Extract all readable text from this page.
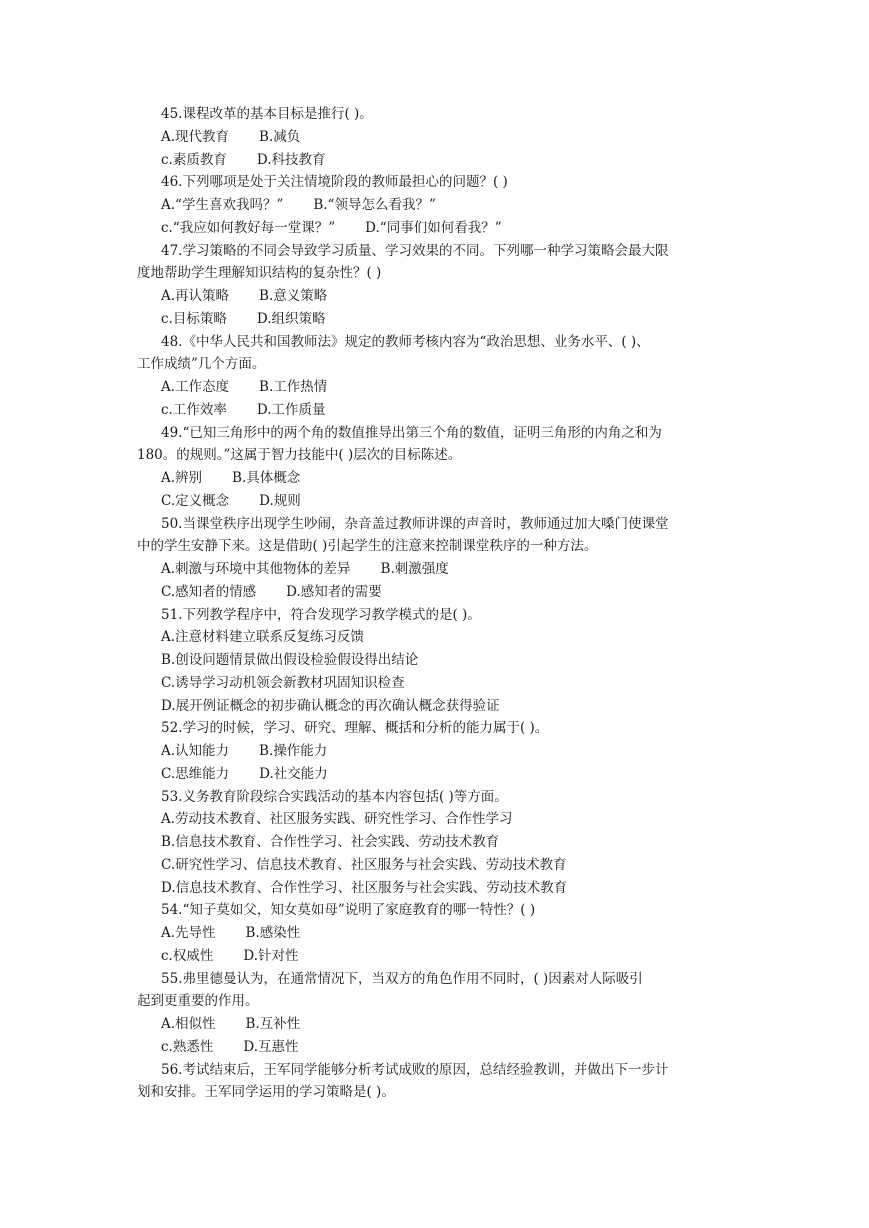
45.课程改革的基本目标是推行( )。
A.现代教育 B.减负
c.素质教育 D.科技教育
46.下列哪项是处于关注情境阶段的教师最担心的问题？( )
A.“学生喜欢我吗？” B.“领导怎么看我？”
c.“我应如何教好每一堂课？” D.“同事们如何看我？”
47.学习策略的不同会导致学习质量、学习效果的不同。下列哪一种学习策略会最大限
度地帮助学生理解知识结构的复杂性？( )
A.再认策略 B.意义策略
c.目标策略 D.组织策略
48.《中华人民共和国教师法》规定的教师考核内容为“政治思想、业务水平、( )、
工作成绩”几个方面。
A.工作态度 B.工作热情
c.工作效率 D.工作质量
49.“已知三角形中的两个角的数值推导出第三个角的数值，证明三角形的内角之和为
180。的规则。”这属于智力技能中( )层次的目标陈述。
A.辨别 B.具体概念
C.定义概念 D.规则
50.当课堂秩序出现学生吵闹，杂音盖过教师讲课的声音时，教师通过加大嗓门使课堂
中的学生安静下来。这是借助( )引起学生的注意来控制课堂秩序的一种方法。
A.刺激与环境中其他物体的差异 B.刺激强度
C.感知者的情感 D.感知者的需要
51.下列教学程序中，符合发现学习教学模式的是( )。
A.注意材料建立联系反复练习反馈
B.创设问题情景做出假设检验假设得出结论
C.诱导学习动机领会新教材巩固知识检查
D.展开例证概念的初步确认概念的再次确认概念获得验证
52.学习的时候，学习、研究、理解、概括和分析的能力属于( )。
A.认知能力 B.操作能力
C.思维能力 D.社交能力
53.义务教育阶段综合实践活动的基本内容包括( )等方面。
A.劳动技术教育、社区服务实践、研究性学习、合作性学习
B.信息技术教育、合作性学习、社会实践、劳动技术教育
C.研究性学习、信息技术教育、社区服务与社会实践、劳动技术教育
D.信息技术教育、合作性学习、社区服务与社会实践、劳动技术教育
54.“知子莫如父，知女莫如母”说明了家庭教育的哪一特性？( )
A.先导性 B.感染性
c.权威性 D.针对性
55.弗里德曼认为，在通常情况下，当双方的角色作用不同时，( )因素对人际吸引
起到更重要的作用。
A.相似性 B.互补性
c.熟悉性 D.互惠性
56.考试结束后，王军同学能够分析考试成败的原因，总结经验教训，并做出下一步计
划和安排。王军同学运用的学习策略是( )。
